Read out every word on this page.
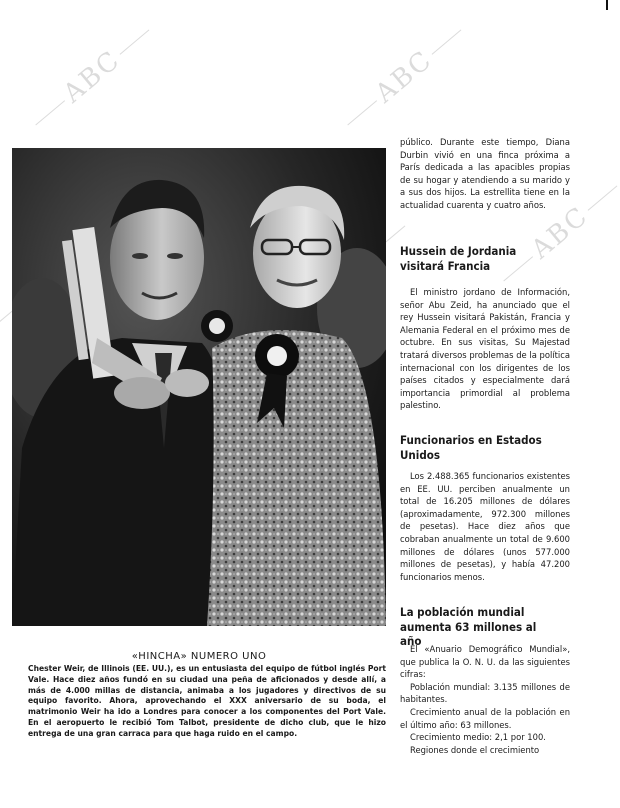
ABC	ABC
ABC
«HINCHA» NUMERO UNO
Chester Weir, de Illinois (EE. UU.), es un entusiasta del equipo de fútbol inglés Port Vale. Hace diez años fundó en su ciudad una peña de aficionados y desde allí, a más de 4.000 millas de distancia, animaba a los jugadores y directivos de su equipo favorito. Ahora, aprovechando el XXX aniversario de su boda, el matrimonio Weir ha ido a Londres para conocer a los componentes del Port Vale. En el aeropuerto le recibió Tom Talbot, presidente de dicho club, que le hizo entrega de una gran carraca para que haga ruido en el campo.

público. Durante este tiempo, Diana Durbin vivió en una finca próxima a París dedicada a las apacibles propias de su hogar y atendiendo a su marido y a sus dos hijos. La estrellita tiene en la actualidad cuarenta y cuatro años.

Hussein de Jordania visitará Francia

El ministro jordano de Información, señor Abu Zeid, ha anunciado que el rey Hussein visitará Pakistán, Francia y Alemania Federal en el próximo mes de octubre. En sus visitas, Su Majestad tratará diversos problemas de la política internacional con los dirigentes de los países citados y especialmente dará importancia primordial al problema palestino.

Funcionarios en Estados Unidos

Los 2.488.365 funcionarios existentes en EE. UU. perciben anualmente un total de 16.205 millones de dólares (aproximadamente, 972.300 millones de pesetas). Hace diez años que cobraban anualmente un total de 9.600 millones de dólares (unos 577.000 millones de pesetas), y había 47.200 funcionarios menos.

La población mundial aumenta 63 millones al año

El «Anuario Demográfico Mundial», que publica la O. N. U. da las siguientes cifras:

Población mundial: 3.135 millones de habitantes.

Crecimiento anual de la población en el último año: 63 millones.

Crecimiento medio: 2,1 por 100.

Regiones donde el crecimiento
